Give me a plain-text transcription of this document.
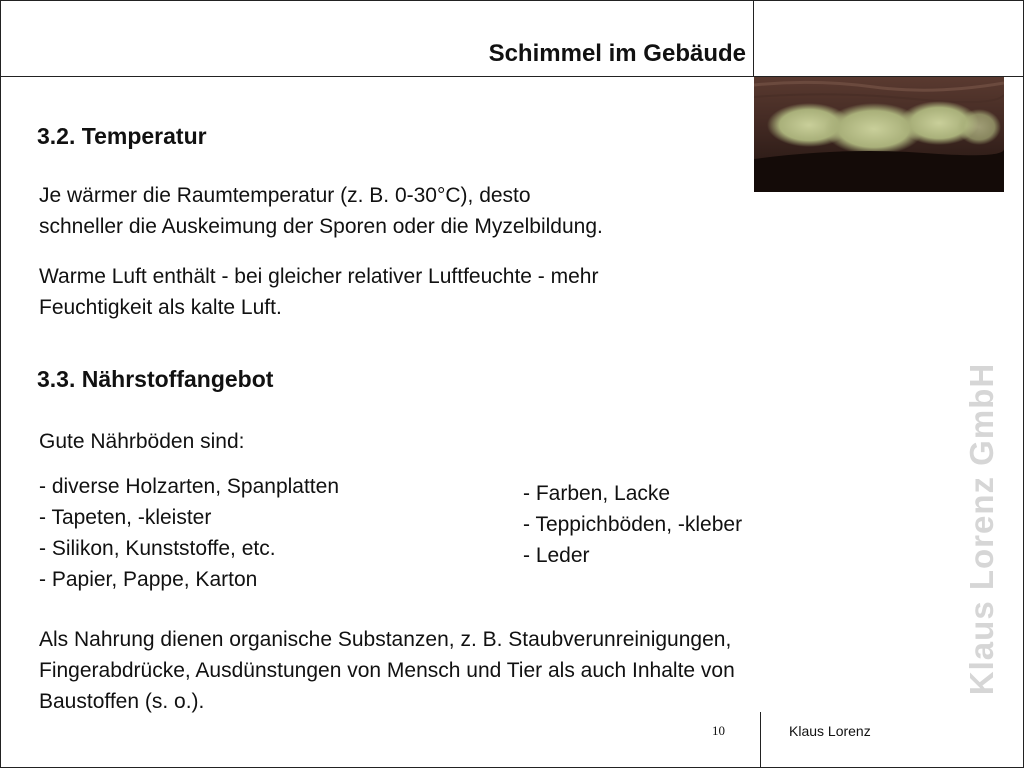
Schimmel im Gebäude
3.2. Temperatur

Je wärmer die Raumtemperatur (z. B. 0-30°C), desto
schneller die Auskeimung der Sporen oder die Myzelbildung.

Warme Luft enthält - bei gleicher relativer Luftfeuchte - mehr
Feuchtigkeit als kalte Luft.

3.3. Nährstoffangebot

Gute Nährböden sind:

- diverse Holzarten, Spanplatten
- Tapeten, -kleister
- Silikon, Kunststoffe, etc.
- Papier, Pappe, Karton
- Farben, Lacke
- Teppichböden, -kleber
- Leder

Als Nahrung dienen organische Substanzen, z. B. Staubverunreinigungen,
Fingerabdrücke, Ausdünstungen von Mensch und Tier als auch Inhalte von
Baustoffen (s. o.).

Klaus Lorenz GmbH
10	Klaus Lorenz
